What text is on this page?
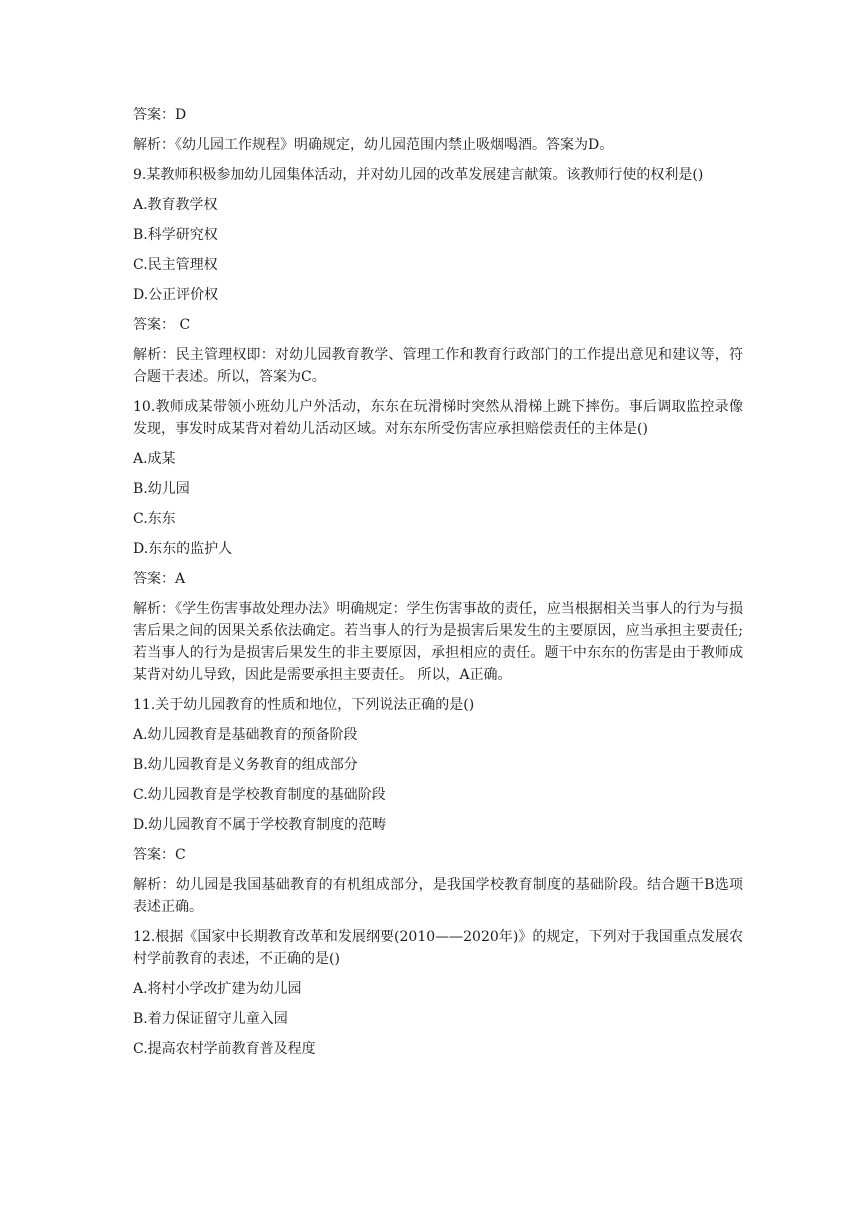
答案：D

解析：《幼儿园工作规程》明确规定，幼儿园范围内禁止吸烟喝酒。答案为D。

9.某教师积极参加幼儿园集体活动，并对幼儿园的改革发展建言献策。该教师行使的权利是()

A.教育教学权

B.科学研究权

C.民主管理权

D.公正评价权

答案： C

解析：民主管理权即：对幼儿园教育教学、管理工作和教育行政部门的工作提出意见和建议等，符合题干表述。所以，答案为C。

10.教师成某带领小班幼儿户外活动，东东在玩滑梯时突然从滑梯上跳下摔伤。事后调取监控录像发现，事发时成某背对着幼儿活动区域。对东东所受伤害应承担赔偿责任的主体是()

A.成某

B.幼儿园

C.东东

D.东东的监护人

答案：A

解析：《学生伤害事故处理办法》明确规定：学生伤害事故的责任，应当根据相关当事人的行为与损害后果之间的因果关系依法确定。若当事人的行为是损害后果发生的主要原因，应当承担主要责任;若当事人的行为是损害后果发生的非主要原因，承担相应的责任。题干中东东的伤害是由于教师成某背对幼儿导致，因此是需要承担主要责任。 所以，A正确。

11.关于幼儿园教育的性质和地位，下列说法正确的是()

A.幼儿园教育是基础教育的预备阶段

B.幼儿园教育是义务教育的组成部分

C.幼儿园教育是学校教育制度的基础阶段

D.幼儿园教育不属于学校教育制度的范畴

答案：C

解析：幼儿园是我国基础教育的有机组成部分，是我国学校教育制度的基础阶段。结合题干B选项表述正确。

12.根据《国家中长期教育改革和发展纲要(2010——2020年)》的规定，下列对于我国重点发展农村学前教育的表述，不正确的是()

A.将村小学改扩建为幼儿园

B.着力保证留守儿童入园

C.提高农村学前教育普及程度
